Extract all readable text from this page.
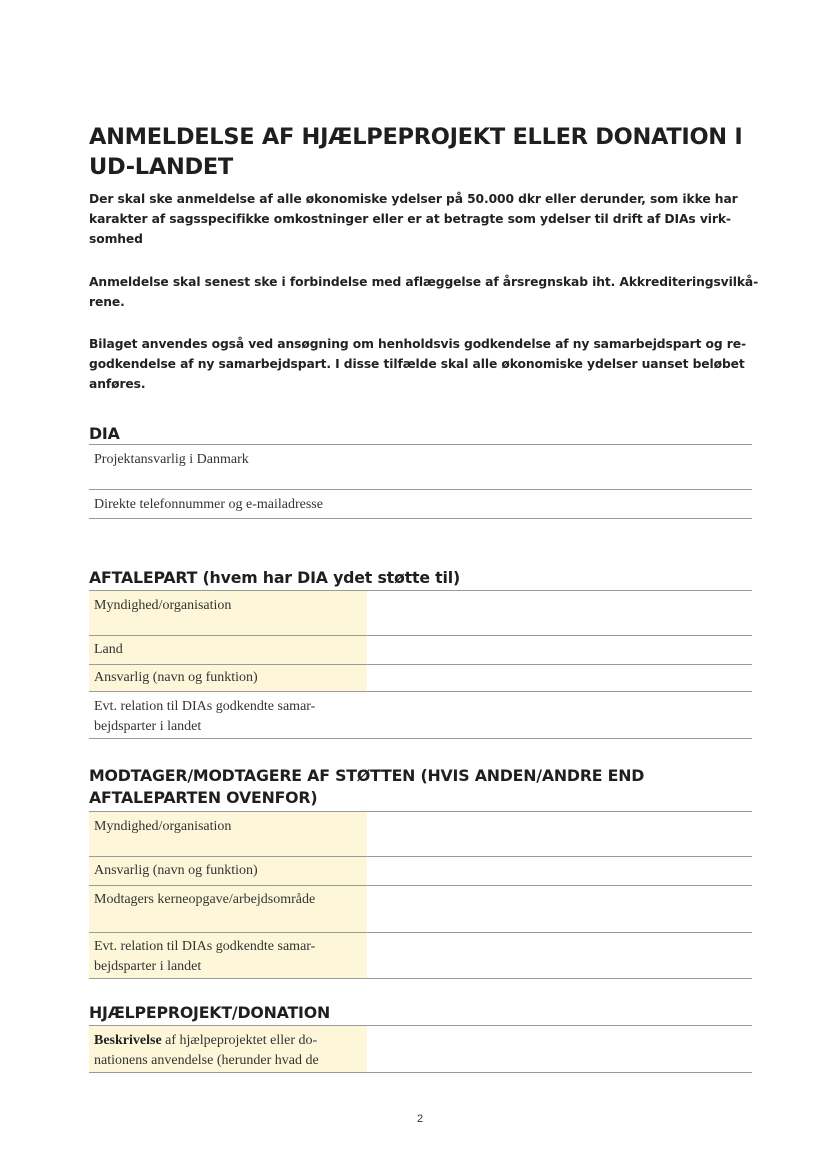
ANMELDELSE AF HJÆLPEPROJEKT ELLER DONATION I UD-LANDET

Der skal ske anmeldelse af alle økonomiske ydelser på 50.000 dkr eller derunder, som ikke har karakter af sagsspecifikke omkostninger eller er at betragte som ydelser til drift af DIAs virk-somhed

Anmeldelse skal senest ske i forbindelse med aflæggelse af årsregnskab iht. Akkrediteringsvilkå-rene.

Bilaget anvendes også ved ansøgning om henholdsvis godkendelse af ny samarbejdspart og re-godkendelse af ny samarbejdspart. I disse tilfælde skal alle økonomiske ydelser uanset beløbet anføres.

DIA
Projektansvarlig i Danmark
Direkte telefonnummer og e-mailadresse
AFTALEPART (hvem har DIA ydet støtte til)
Myndighed/organisation
Land
Ansvarlig (navn og funktion)
Evt. relation til DIAs godkendte samar-bejdsparter i landet
MODTAGER/MODTAGERE AF STØTTEN (HVIS ANDEN/ANDRE END AFTALEPARTEN OVENFOR)
Myndighed/organisation
Ansvarlig (navn og funktion)
Modtagers kerneopgave/arbejdsområde
Evt. relation til DIAs godkendte samar-bejdsparter i landet
HJÆLPEPROJEKT/DONATION
Beskrivelse af hjælpeprojektet eller do-nationens anvendelse (herunder hvad de
2
